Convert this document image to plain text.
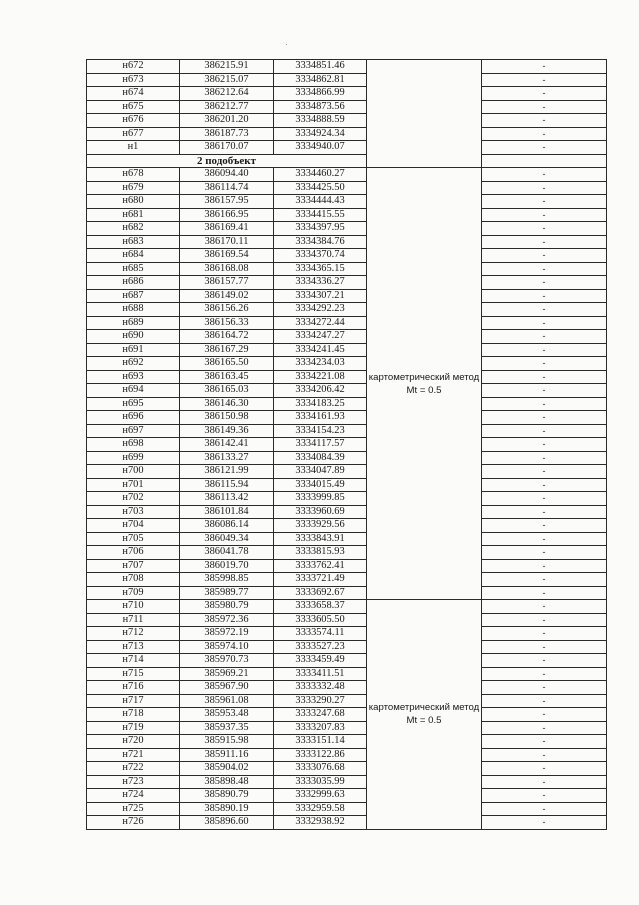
н672	386215.91	3334851.46		-
н673	386215.07	3334862.81		-
н674	386212.64	3334866.99		-
н675	386212.77	3334873.56		-
н676	386201.20	3334888.59		-
н677	386187.73	3334924.34		-
н1	386170.07	3334940.07		-
2 подобъект				
н678	386094.40	3334460.27	картометрический метод Mt = 0.5	-
н679	386114.74	3334425.50		-
н680	386157.95	3334444.43		-
н681	386166.95	3334415.55		-
н682	386169.41	3334397.95		-
н683	386170.11	3334384.76		-
н684	386169.54	3334370.74		-
н685	386168.08	3334365.15		-
н686	386157.77	3334336.27		-
н687	386149.02	3334307.21		-
н688	386156.26	3334292.23		-
н689	386156.33	3334272.44		-
н690	386164.72	3334247.27		-
н691	386167.29	3334241.45		-
н692	386165.50	3334234.03		-
н693	386163.45	3334221.08		-
н694	386165.03	3334206.42		-
н695	386146.30	3334183.25		-
н696	386150.98	3334161.93		-
н697	386149.36	3334154.23		-
н698	386142.41	3334117.57		-
н699	386133.27	3334084.39		-
н700	386121.99	3334047.89		-
н701	386115.94	3334015.49		-
н702	386113.42	3333999.85		-
н703	386101.84	3333960.69		-
н704	386086.14	3333929.56		-
н705	386049.34	3333843.91		-
н706	386041.78	3333815.93		-
н707	386019.70	3333762.41		-
н708	385998.85	3333721.49		-
н709	385989.77	3333692.67		-
н710	385980.79	3333658.37	картометрический метод Mt = 0.5	-
н711	385972.36	3333605.50		-
н712	385972.19	3333574.11		-
н713	385974.10	3333527.23		-
н714	385970.73	3333459.49		-
н715	385969.21	3333411.51		-
н716	385967.90	3333332.48		-
н717	385961.08	3333290.27		-
н718	385953.48	3333247.68		-
н719	385937.35	3333207.83		-
н720	385915.98	3333151.14		-
н721	385911.16	3333122.86		-
н722	385904.02	3333076.68		-
н723	385898.48	3333035.99		-
н724	385890.79	3332999.63		-
н725	385890.19	3332959.58		-
н726	385896.60	3332938.92		-
